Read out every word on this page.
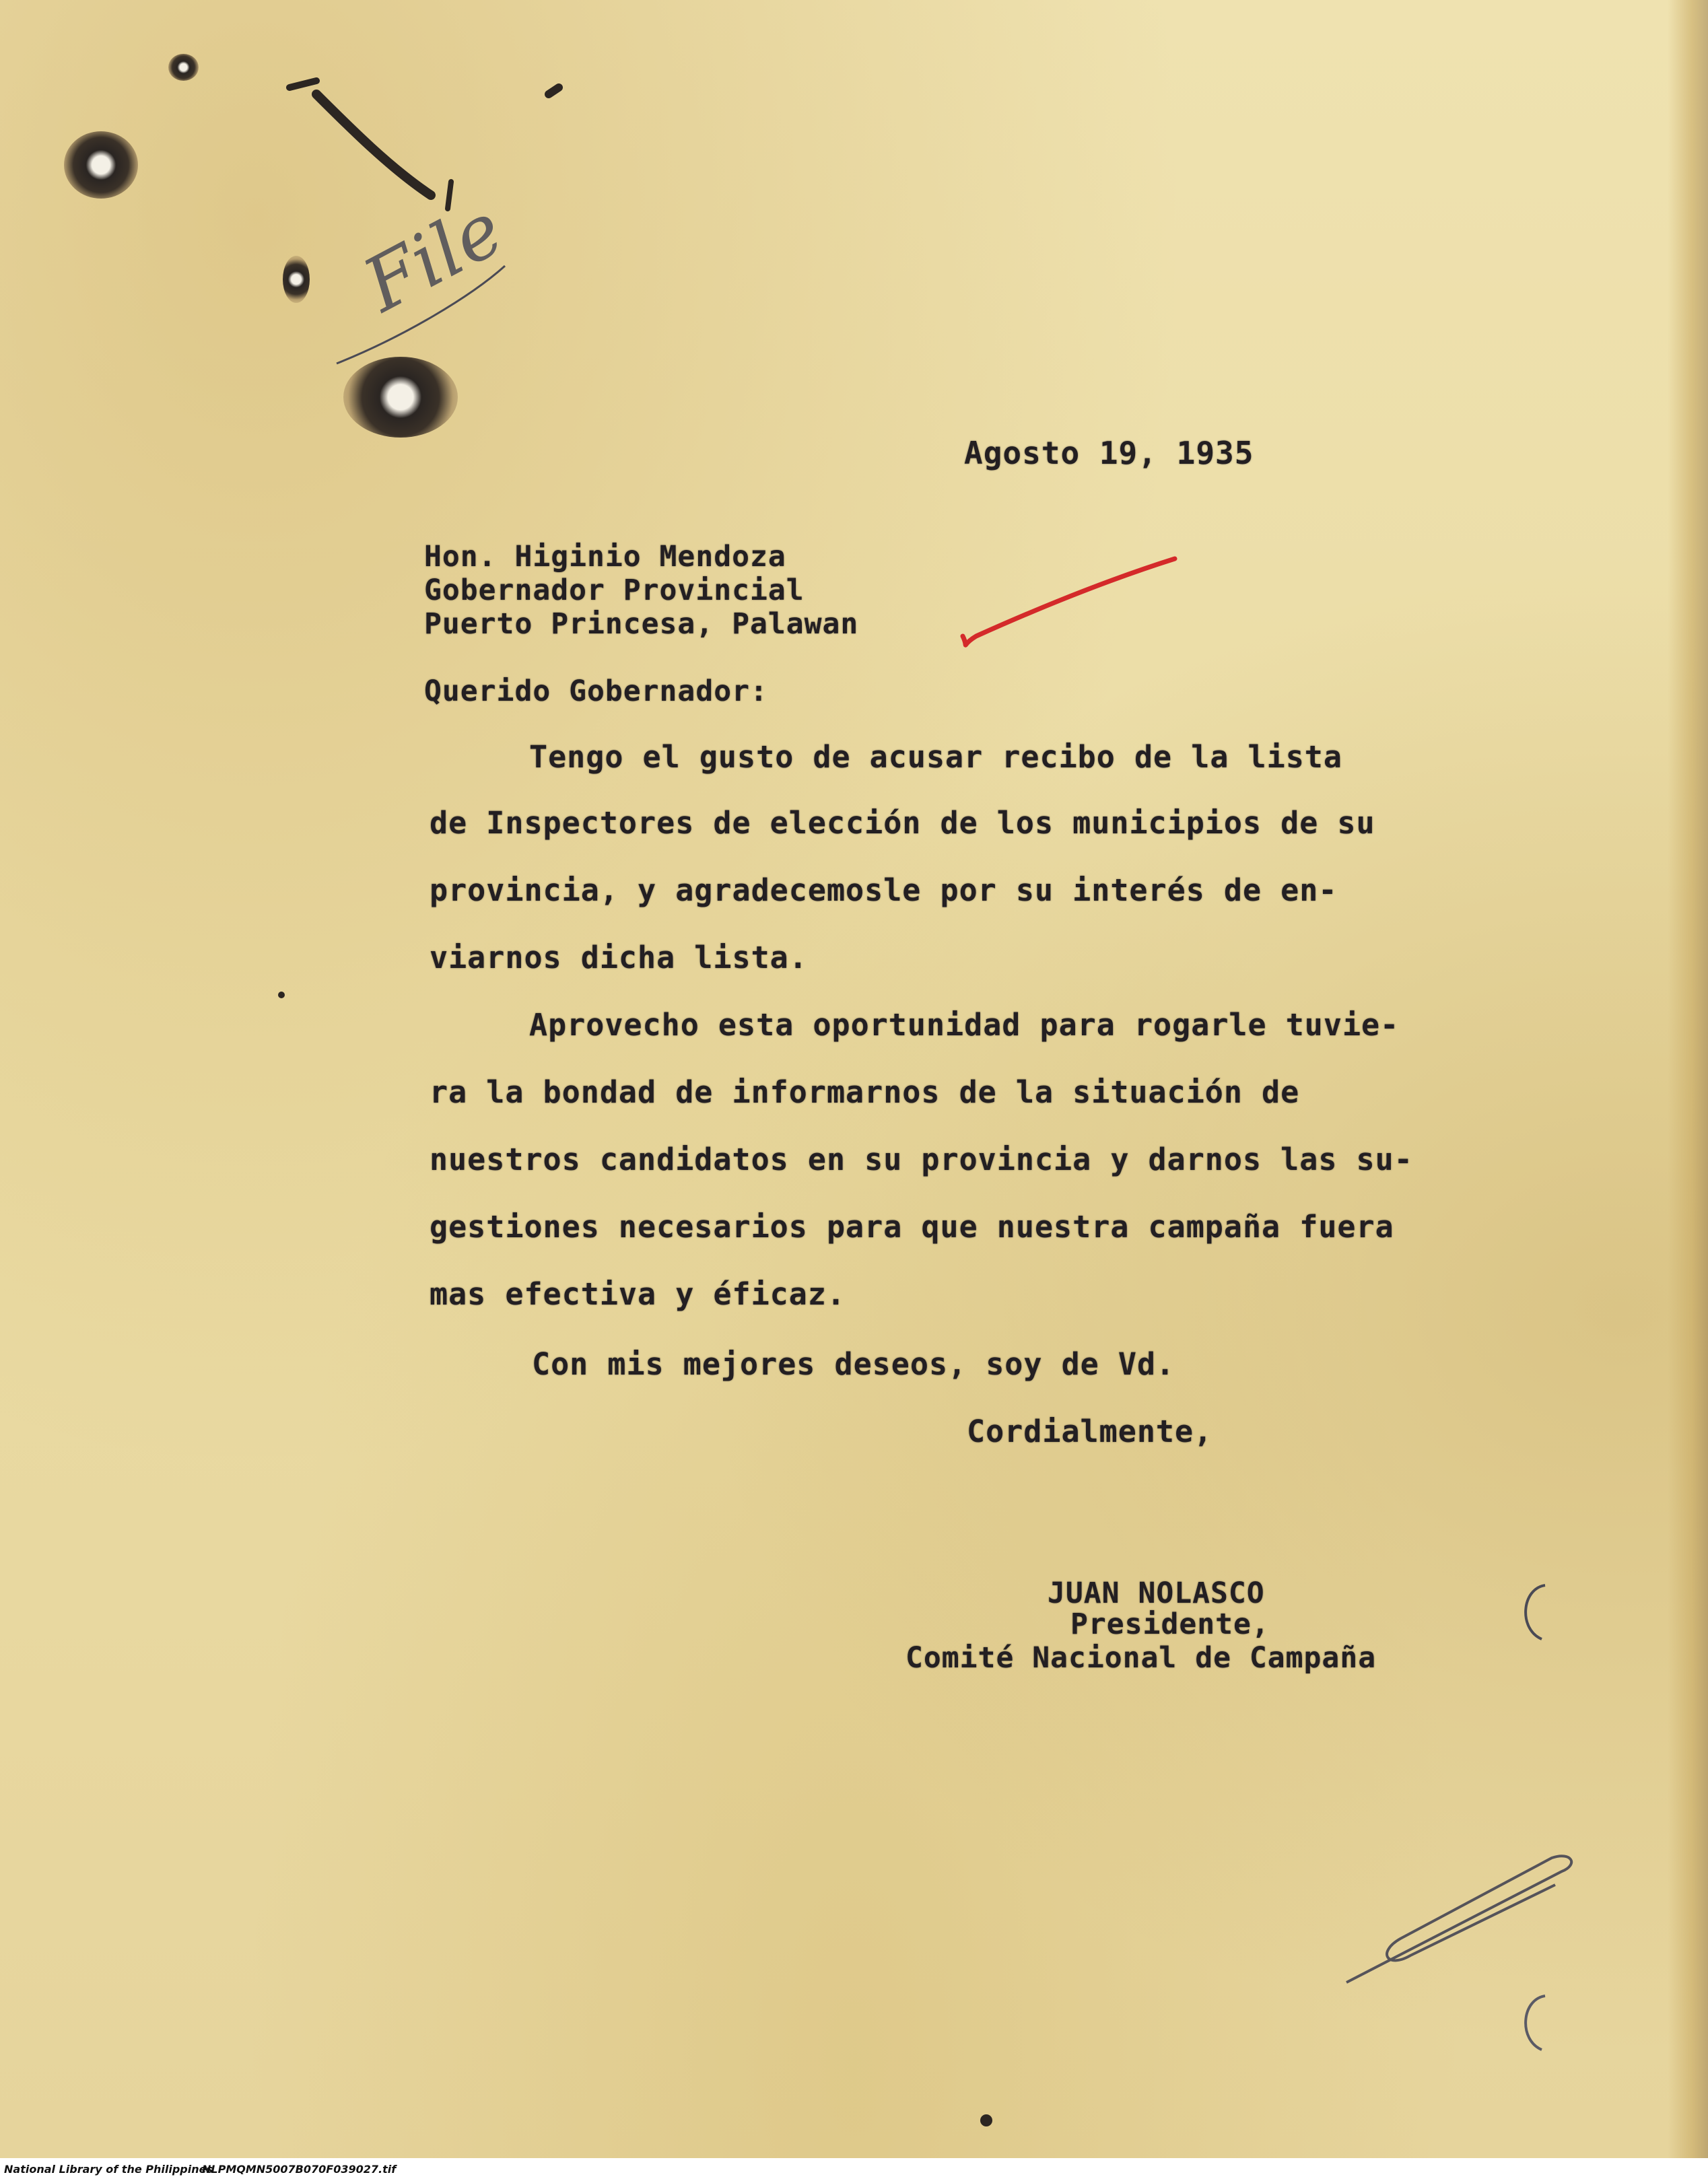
File
Agosto 19, 1935
Hon. Higinio Mendoza
Gobernador Provincial
Puerto Princesa, Palawan
Querido Gobernador:
Tengo el gusto de acusar recibo de la lista
de Inspectores de elección de los municipios de su
provincia, y agradecemosle por su interés de en-
viarnos dicha lista.
Aprovecho esta oportunidad para rogarle tuvie-
ra la bondad de informarnos de la situación de
nuestros candidatos en su provincia y darnos las su-
gestiones necesarios para que nuestra campaña fuera
mas efectiva y éficaz.
Con mis mejores deseos, soy de Vd.
Cordialmente,
JUAN NOLASCO
Presidente,
Comité Nacional de Campaña
National Library of the Philippines
NLPMQMN5007B070F039027.tif
